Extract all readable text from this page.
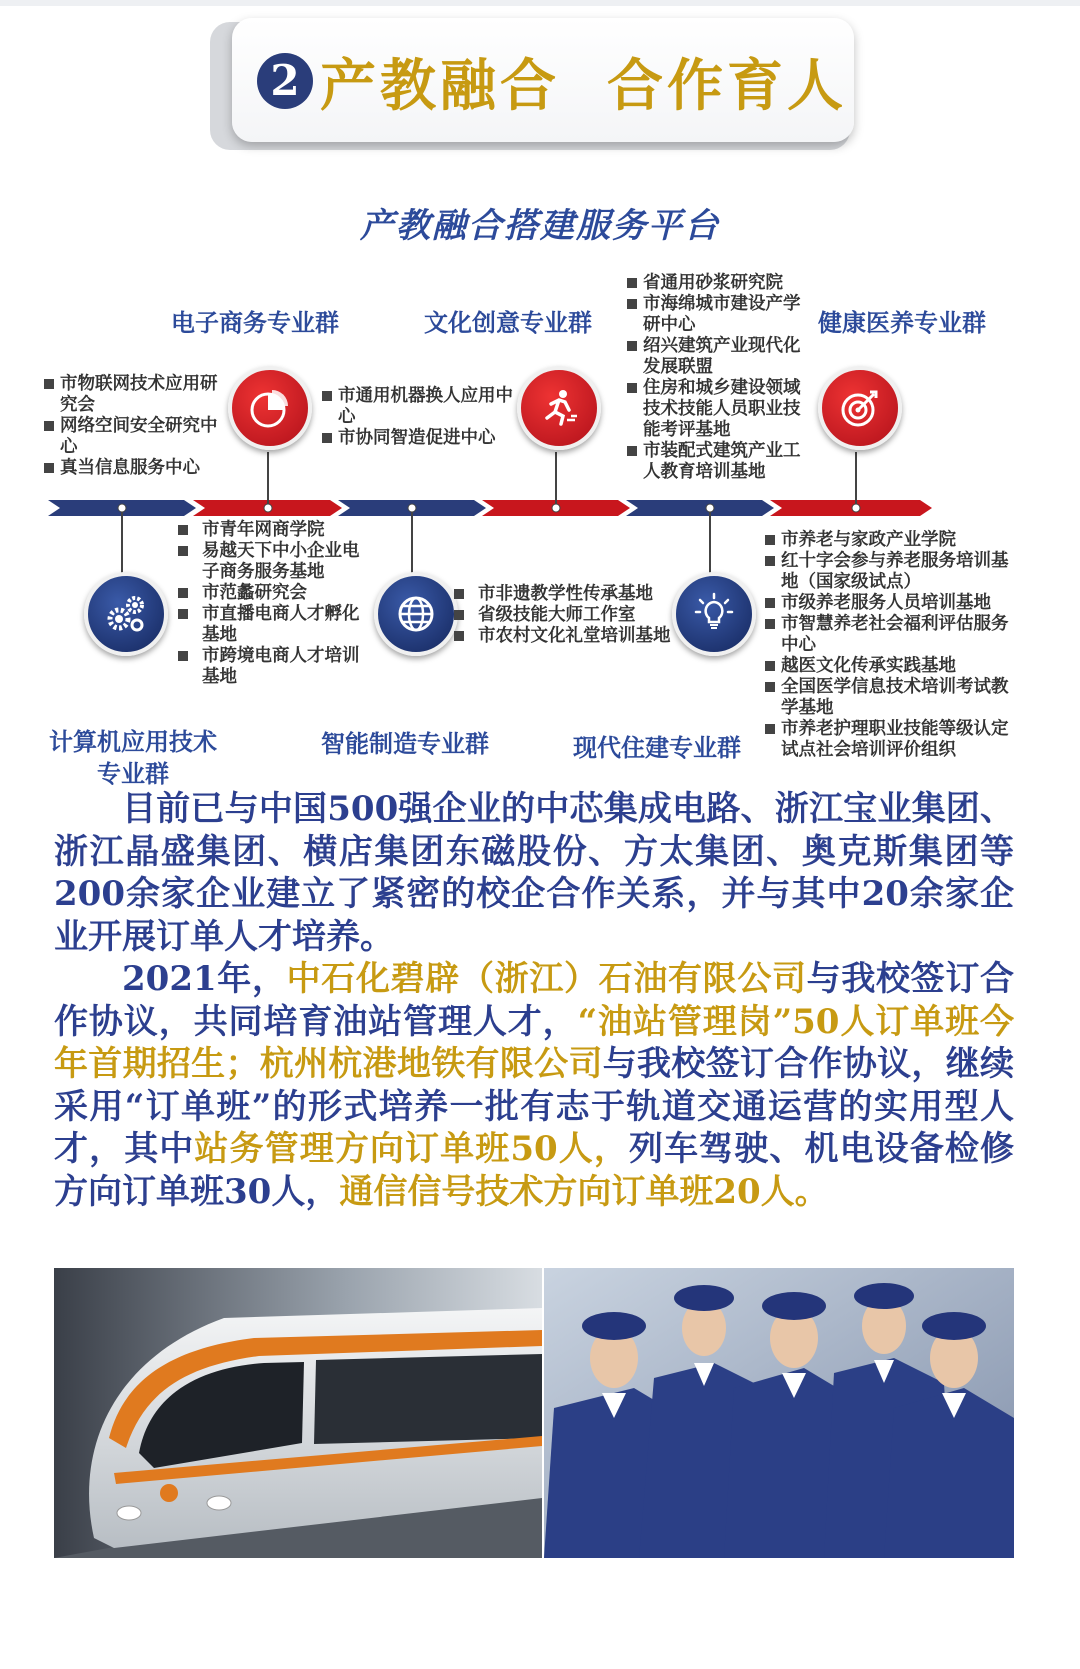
2 产教融合  合作育人
产教融合搭建服务平台
电子商务专业群	文化创意专业群	健康医养专业群
市物联网技术应用研究会
网络空间安全研究中心
真当信息服务中心
市通用机器换人应用中心
市协同智造促进中心
省通用砂浆研究院
市海绵城市建设产学研中心
绍兴建筑产业现代化发展联盟
住房和城乡建设领域技术技能人员职业技能考评基地
市装配式建筑产业工人教育培训基地
市青年网商学院
易越天下中小企业电子商务服务基地
市范蠡研究会
市直播电商人才孵化基地
市跨境电商人才培训基地
市非遗教学性传承基地
省级技能大师工作室
市农村文化礼堂培训基地
市养老与家政产业学院
红十字会参与养老服务培训基地（国家级试点）
市级养老服务人员培训基地
市智慧养老社会福利评估服务中心
越医文化传承实践基地
全国医学信息技术培训考试教学基地
市养老护理职业技能等级认定试点社会培训评价组织
计算机应用技术专业群
智能制造专业群	现代住建专业群

目前已与中国500强企业的中芯集成电路、浙江宝业集团、浙江晶盛集团、横店集团东磁股份、方太集团、奥克斯集团等200余家企业建立了紧密的校企合作关系，并与其中20余家企业开展订单人才培养。

2021年，中石化碧辟（浙江）石油有限公司与我校签订合作协议，共同培育油站管理人才，“油站管理岗”50人订单班今年首期招生；杭州杭港地铁有限公司与我校签订合作协议，继续采用“订单班”的形式培养一批有志于轨道交通运营的实用型人才，其中站务管理方向订单班50人，列车驾驶、机电设备检修方向订单班30人，通信信号技术方向订单班20人。
